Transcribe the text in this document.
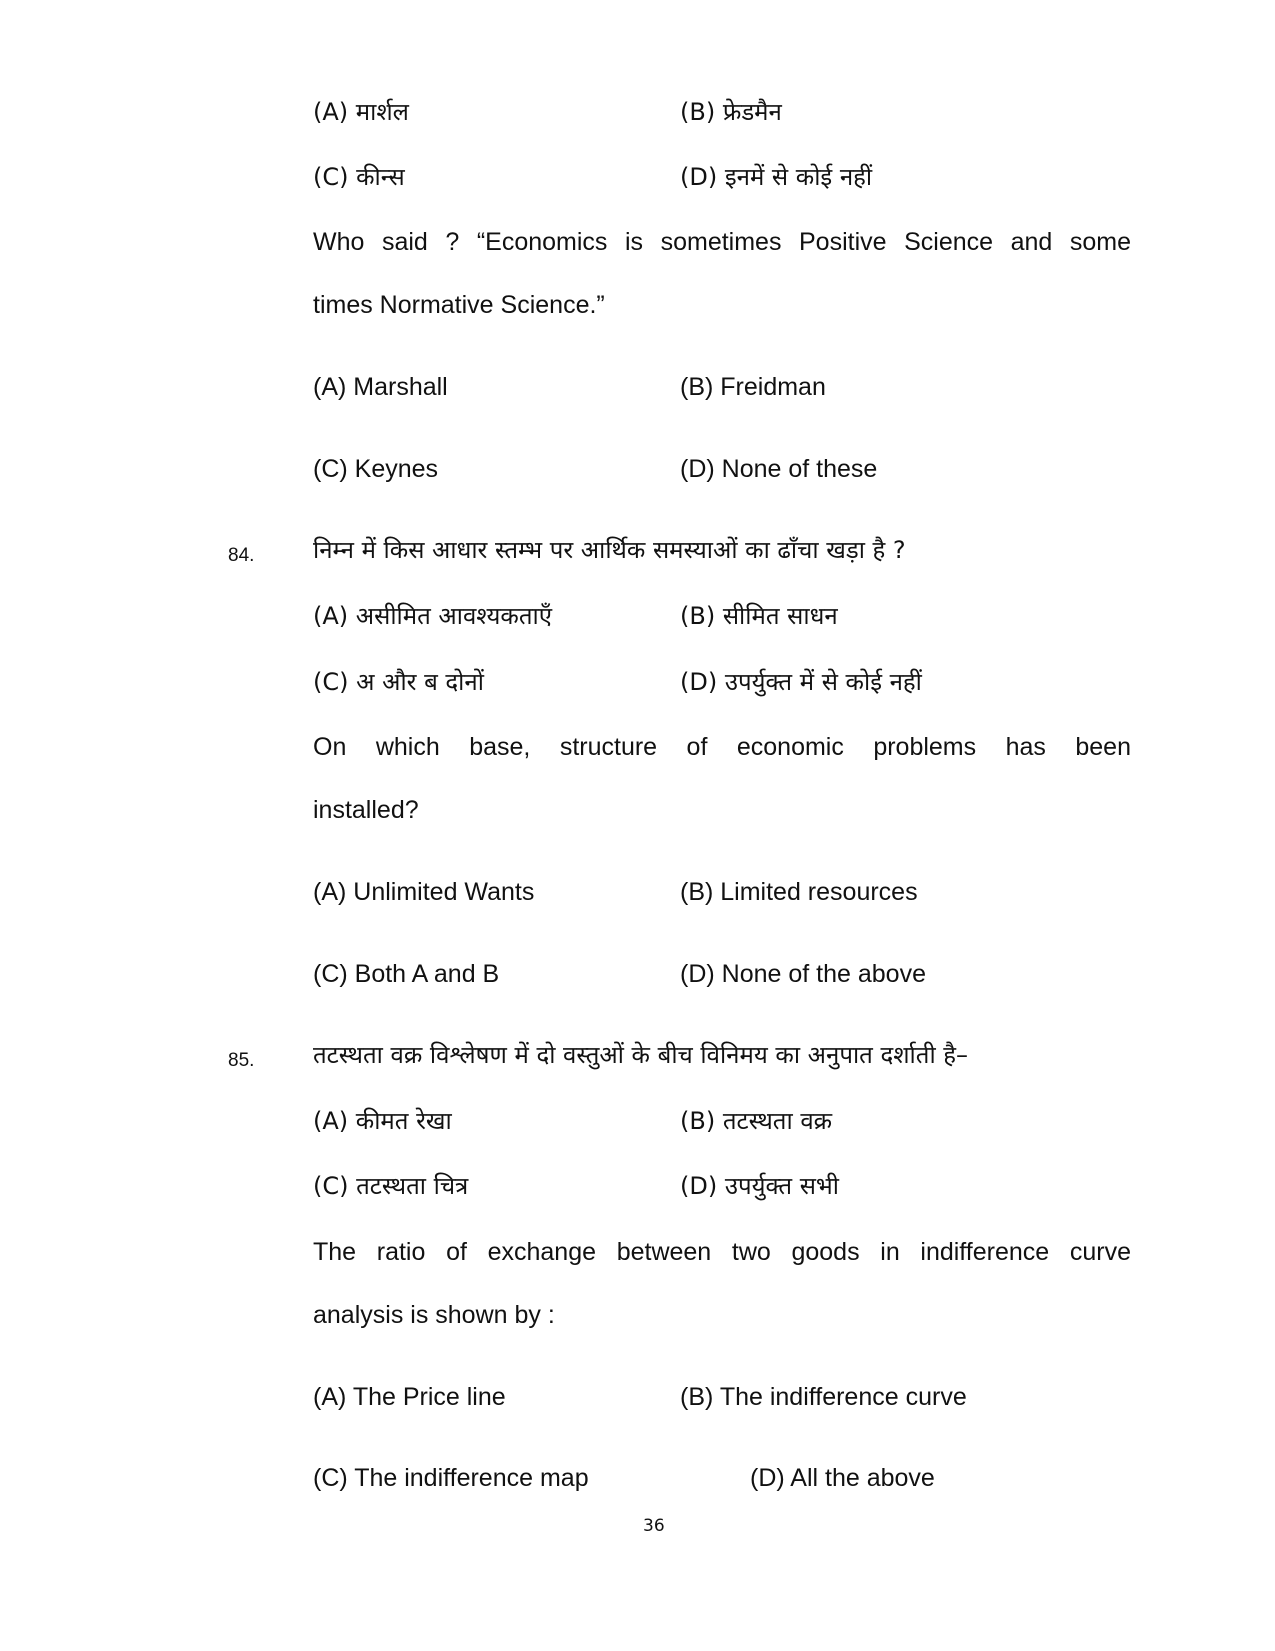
(A) मार्शल	(B) फ्रेडमैन
(C) कीन्स	(D) इनमें से कोई नहीं
Who said ? “Economics is sometimes Positive Science and some
times Normative Science.”
(A) Marshall	(B) Freidman
(C) Keynes	(D) None of these
84. निम्न में किस आधार स्तम्भ पर आर्थिक समस्याओं का ढाँचा खड़ा है ?
(A) असीमित आवश्यकताएँ	(B) सीमित साधन
(C) अ और ब दोनों	(D) उपर्युक्त में से कोई नहीं
On which base, structure of economic problems has been
installed?
(A) Unlimited Wants	(B) Limited resources
(C) Both A and B	(D) None of the above
85. तटस्थता वक्र विश्लेषण में दो वस्तुओं के बीच विनिमय का अनुपात दर्शाती है–
(A) कीमत रेखा	(B) तटस्थता वक्र
(C) तटस्थता चित्र	(D) उपर्युक्त सभी
The ratio of exchange between two goods in indifference curve
analysis is shown by :
(A) The Price line	(B) The indifference curve
(C) The indifference map	(D) All the above
36
